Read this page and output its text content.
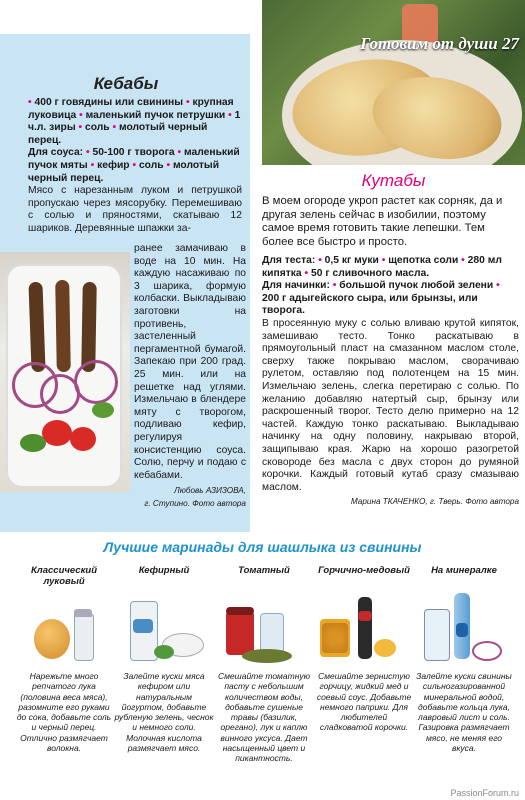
Кебабы

• 400 г говядины или свинины • крупная луковица • маленький пучок петрушки • 1 ч.л. зиры • соль • молотый черный перец.

Для соуса: • 50-100 г творога • маленький пучок мяты • кефир • соль • молотый черный перец.

Мясо с нарезанным луком и петрушкой пропускаю через мясорубку. Перемешиваю с солью и пряностями, скатываю 12 шариков. Деревянные шпажки за-

ранее замачиваю в воде на 10 мин. На каждую насаживаю по 3 шарика, формую колбаски. Выкладываю заготовки на противень, застеленный пергаментной бумагой. Запекаю при 200 град. 25 мин. или на решетке над углями. Измельчаю в блендере мяту с творогом, подливаю кефир, регулируя консистенцию соуса. Солю, перчу и подаю с кебабами.
Любовь АЗИЗОВА,
г. Ступино. Фото автора
Готовим от души 27
Кутабы

В моем огороде укроп растет как сорняк, да и другая зелень сейчас в изобилии, поэтому самое время готовить такие лепешки. Тем более все быстро и просто.

Для теста: • 0,5 кг муки • щепотка соли • 280 мл кипятка • 50 г сливочного масла.

Для начинки: • большой пучок любой зелени • 200 г адыгейского сыра, или брынзы, или творога.

В просеянную муку с солью вливаю крутой кипяток, замешиваю тесто. Тонко раскатываю в прямоугольный пласт на смазанном маслом столе, сверху также покрываю маслом, сворачиваю рулетом, оставляю под полотенцем на 15 мин. Измельчаю зелень, слегка перетираю с солью. По желанию добавляю натертый сыр, брынзу или раскрошенный творог. Тесто делю примерно на 12 частей. Каждую тонко раскатываю. Выкладываю начинку на одну половину, накрываю второй, защипываю края. Жарю на хорошо разогретой сковороде без масла с двух сторон до румяной корочки. Каждый готовый кутаб сразу смазываю маслом.

Марина ТКАЧЕНКО, г. Тверь. Фото автора

Лучшие маринады для шашлыка из свинины
Классический луковый
Нарежьте много репчатого лука (половина веса мяса), разомните его руками до сока, добавьте соль и черный перец. Отлично размягчает волокна.
Кефирный
Залейте куски мяса кефиром или натуральным йогуртом, добавьте рубленую зелень, чеснок и немного соли. Молочная кислота размягчает мясо.
Томатный
Смешайте томатную пасту с небольшим количеством воды, добавьте сушеные травы (базилик, орегано), лук и каплю винного уксуса. Дает насыщенный цвет и пикантность.
Горчично-медовый
Смешайте зернистую горчицу, жидкий мед и соевый соус. Добавьте немного паприки. Для любителей сладковатой корочки.
На минералке
Залейте куски свинины сильногазированной минеральной водой, добавьте кольца лука, лавровый лист и соль. Газировка размягчает мясо, не меняя его вкуса.
PassionForum.ru
